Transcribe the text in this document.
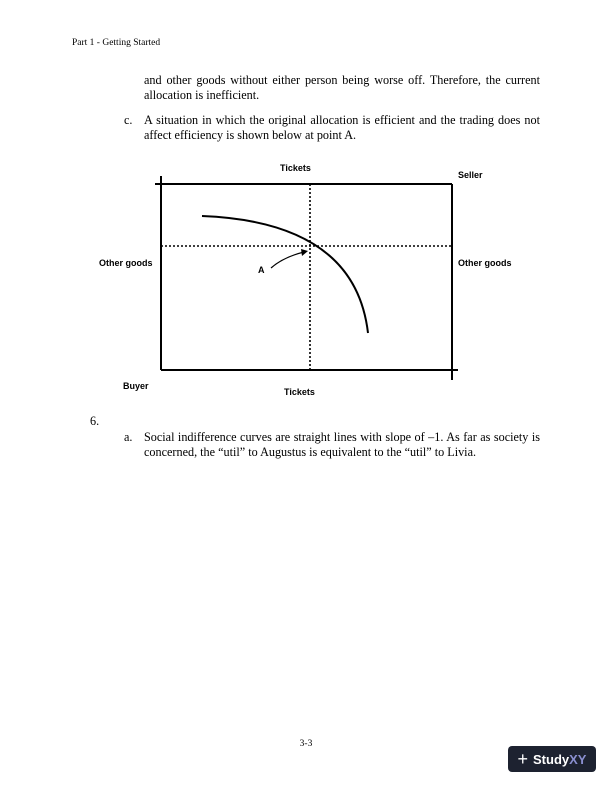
Part 1 - Getting Started
and other goods without either person being worse off. Therefore, the current allocation is inefficient.
c. A situation in which the original allocation is efficient and the trading does not affect efficiency is shown below at point A.
Tickets
Seller
Other goods	Other goods
A
Buyer
Tickets
6.
a. Social indifference curves are straight lines with slope of –1. As far as society is concerned, the “util” to Augustus is equivalent to the “util” to Livia.
3-3
+ Study XY
